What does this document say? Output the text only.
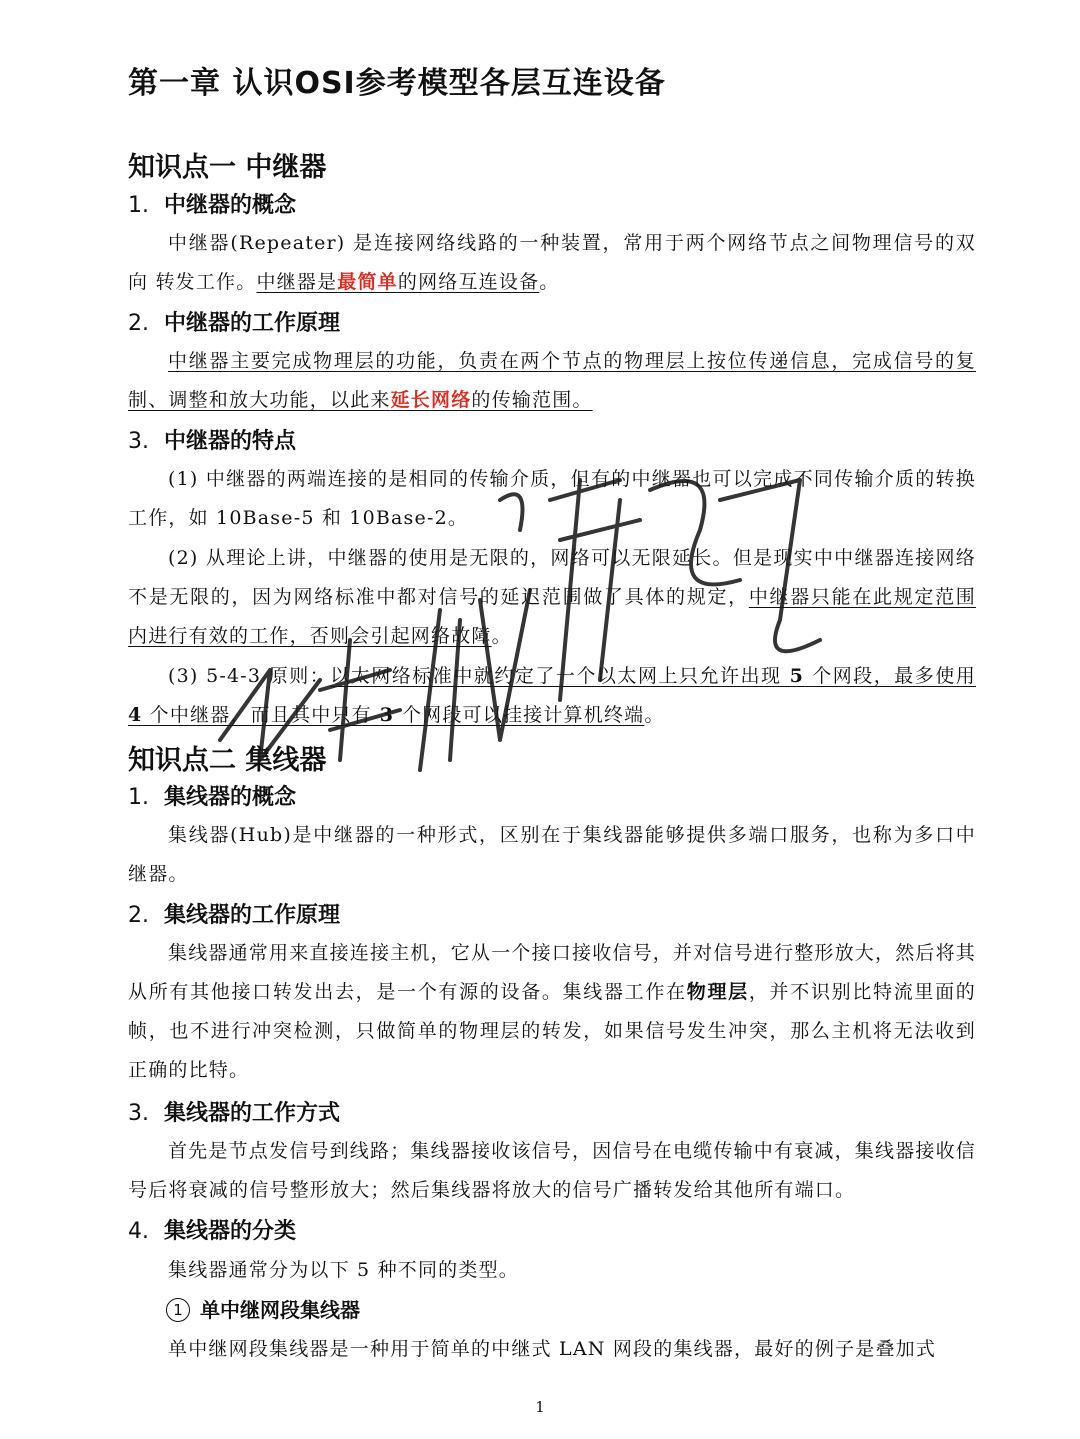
第一章 认识OSI参考模型各层互连设备
知识点一 中继器
1. 中继器的概念

中继器(Repeater) 是连接网络线路的一种装置，常用于两个网络节点之间物理信号的双向 转发工作。中继器是最简单的网络互连设备。

2. 中继器的工作原理

中继器主要完成物理层的功能，负责在两个节点的物理层上按位传递信息，完成信号的复 制、调整和放大功能，以此来延长网络的传输范围。

3. 中继器的特点

(1) 中继器的两端连接的是相同的传输介质，但有的中继器也可以完成不同传输介质的转换工作，如 10Base-5 和 10Base-2。

(2) 从理论上讲，中继器的使用是无限的，网络可以无限延长。但是现实中中继器连接网络不是无限的，因为网络标准中都对信号的延迟范围做了具体的规定，中继器只能在此规定范围内进行有效的工作，否则会引起网络故障。

(3) 5-4-3 原则：以太网络标准中就约定了一个以太网上只允许出现 5 个网段，最多使用4 个中继器，而且其中只有 3 个网段可以挂接计算机终端。

知识点二 集线器
1. 集线器的概念

集线器(Hub)是中继器的一种形式，区别在于集线器能够提供多端口服务，也称为多口中 继器。

2. 集线器的工作原理

集线器通常用来直接连接主机，它从一个接口接收信号，并对信号进行整形放大，然后将其从所有其他接口转发出去，是一个有源的设备。集线器工作在物理层，并不识别比特流里面的帧，也不进行冲突检测，只做简单的物理层的转发，如果信号发生冲突，那么主机将无法收到正确的比特。

3. 集线器的工作方式

首先是节点发信号到线路；集线器接收该信号，因信号在电缆传输中有衰减，集线器接收信号后将衰减的信号整形放大；然后集线器将放大的信号广播转发给其他所有端口。

4. 集线器的分类

集线器通常分为以下 5 种不同的类型。

1 单中继网段集线器

单中继网段集线器是一种用于简单的中继式 LAN 网段的集线器，最好的例子是叠加式

1
